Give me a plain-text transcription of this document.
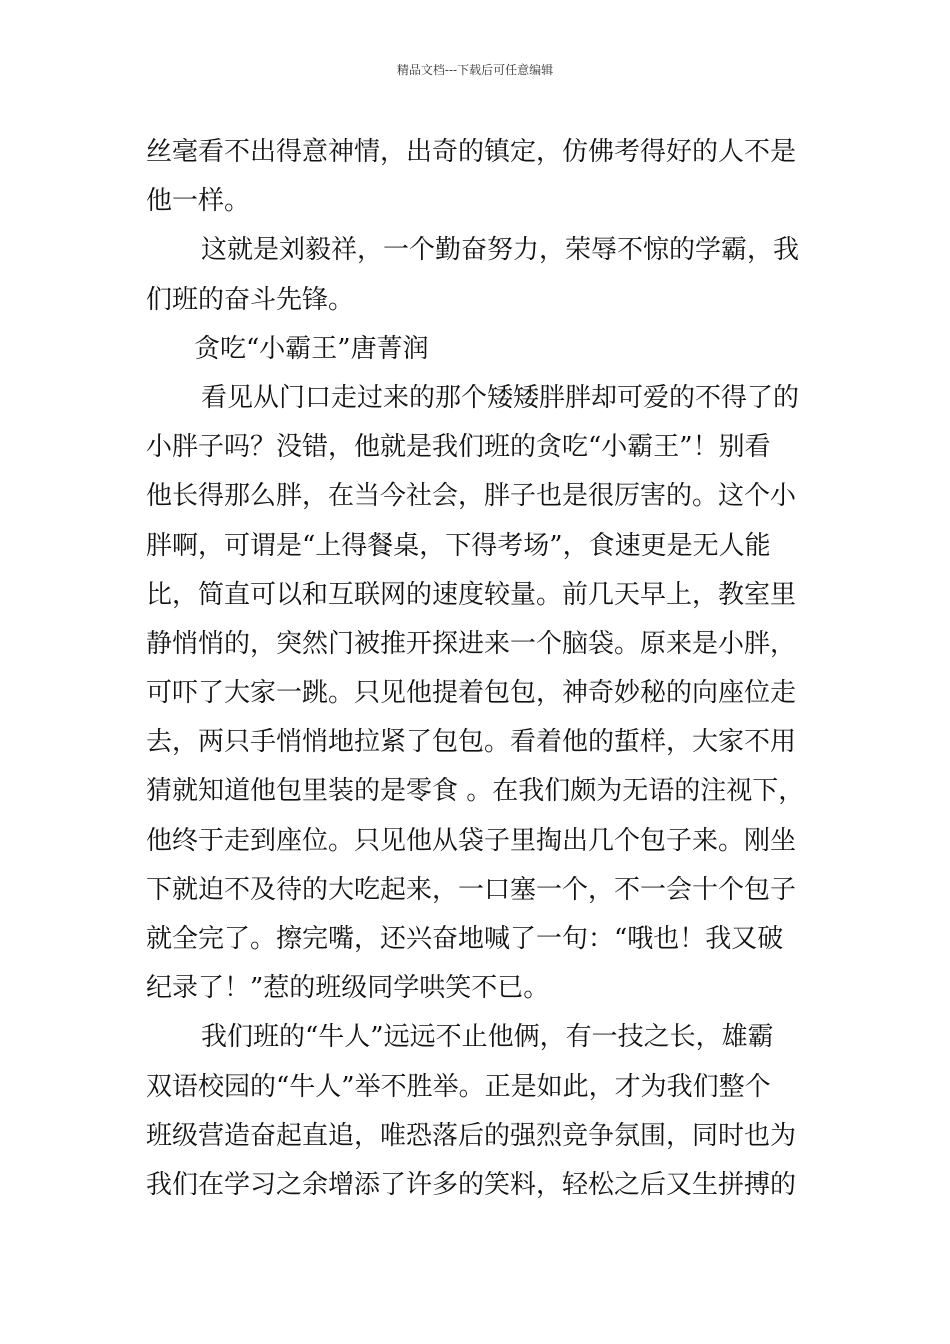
精品文档---下载后可任意编辑
丝毫看不出得意神情，出奇的镇定，仿佛考得好的人不是
他一样。
这就是刘毅祥，一个勤奋努力，荣辱不惊的学霸，我
们班的奋斗先锋。
贪吃“小霸王”唐菁润
看见从门口走过来的那个矮矮胖胖却可爱的不得了的
小胖子吗？没错，他就是我们班的贪吃“小霸王”！别看
他长得那么胖，在当今社会，胖子也是很厉害的。这个小
胖啊，可谓是“上得餐桌，下得考场”，食速更是无人能
比，简直可以和互联网的速度较量。前几天早上，教室里
静悄悄的，突然门被推开探进来一个脑袋。原来是小胖，
可吓了大家一跳。只见他提着包包，神奇妙秘的向座位走
去，两只手悄悄地拉紧了包包。看着他的蜇样，大家不用
猜就知道他包里装的是零食 。在我们颇为无语的注视下，
他终于走到座位。只见他从袋子里掏出几个包子来。刚坐
下就迫不及待的大吃起来，一口塞一个，不一会十个包子
就全完了。擦完嘴，还兴奋地喊了一句：“哦也！我又破
纪录了！”惹的班级同学哄笑不已。
我们班的“牛人”远远不止他俩，有一技之长，雄霸
双语校园的“牛人”举不胜举。正是如此，才为我们整个
班级营造奋起直追，唯恐落后的强烈竞争氛围，同时也为
我们在学习之余增添了许多的笑料，轻松之后又生拼搏的
